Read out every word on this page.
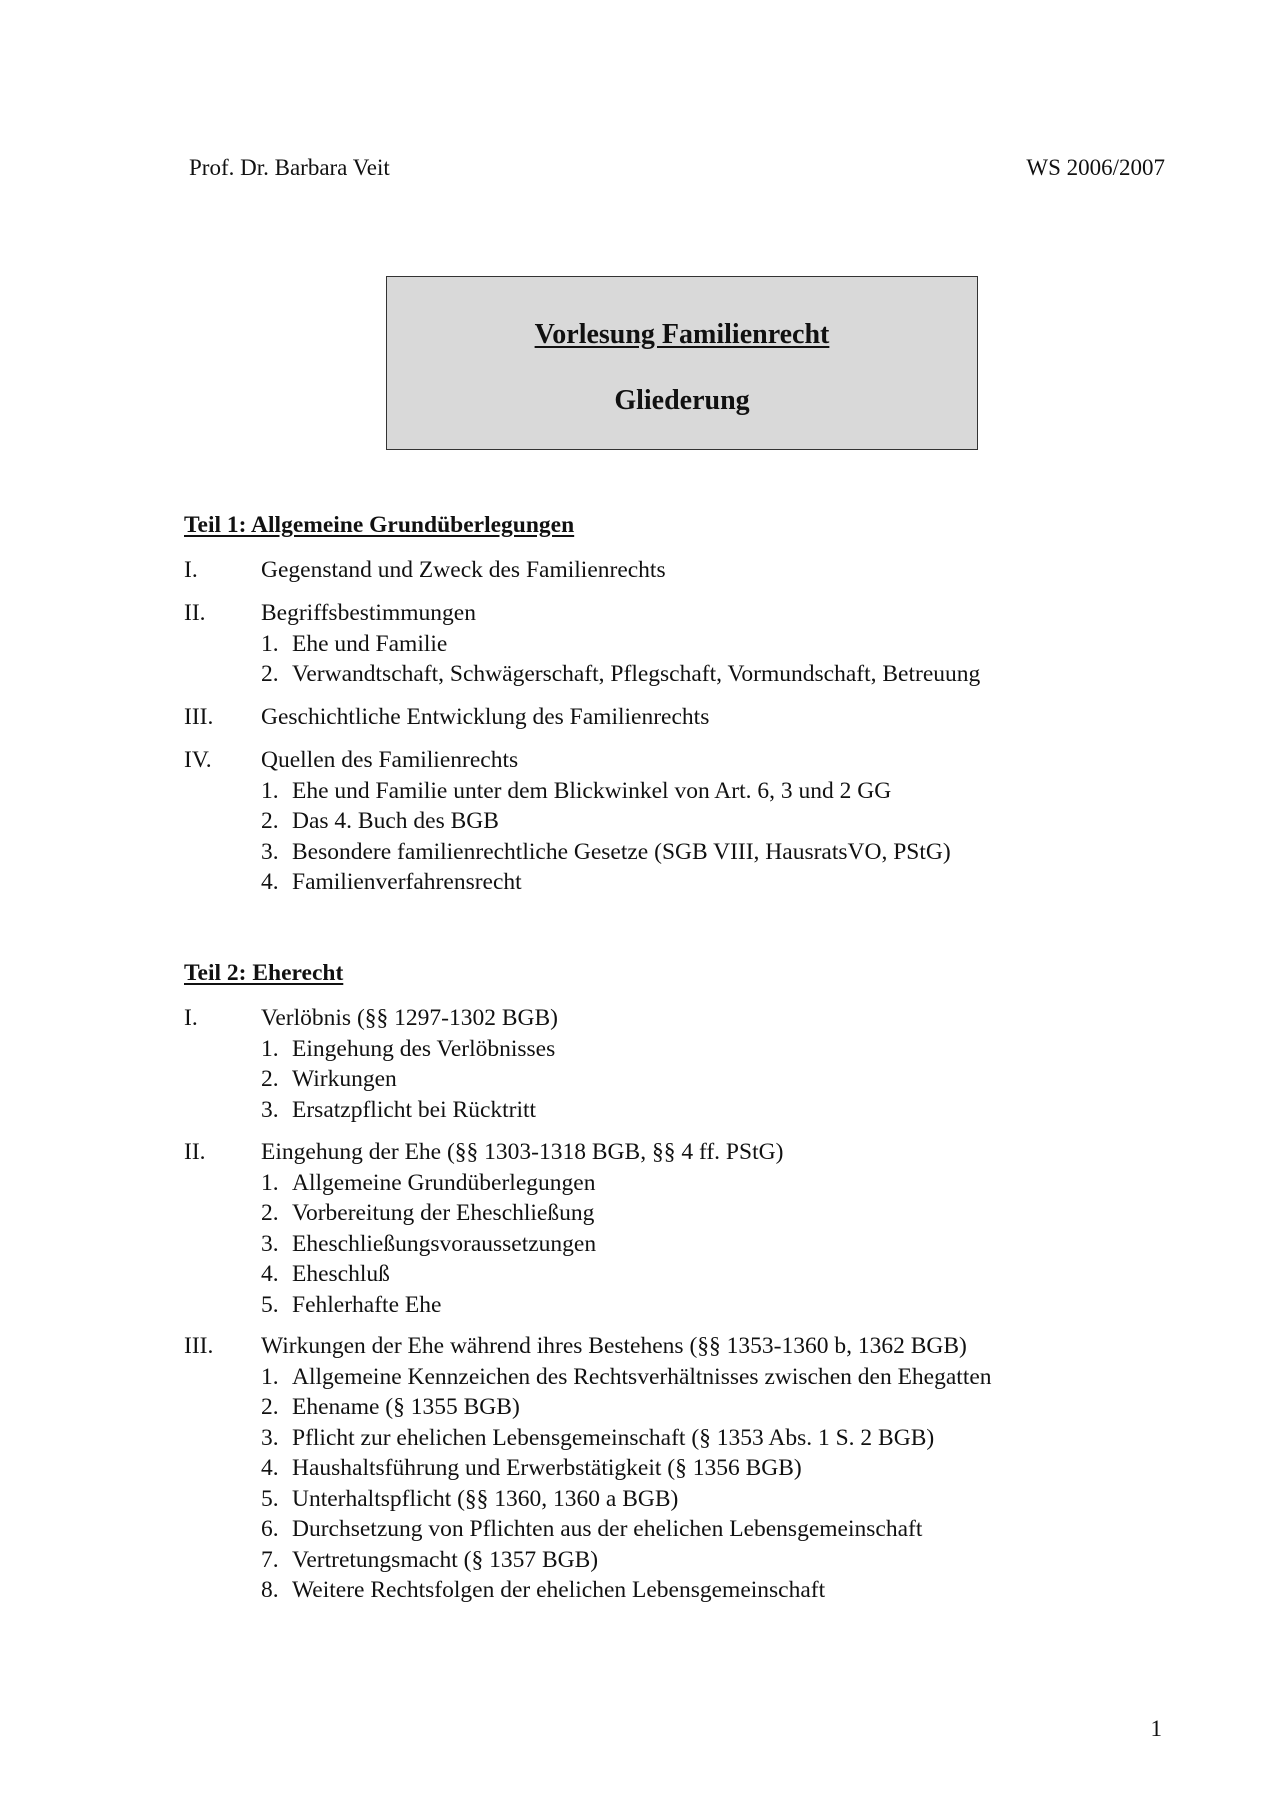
Prof. Dr. Barbara Veit	WS 2006/2007
Vorlesung Familienrecht
Gliederung
Teil 1: Allgemeine Grundüberlegungen
I.	Gegenstand und Zweck des Familienrechts
II. Begriffsbestimmungen
1. Ehe und Familie
2. Verwandtschaft, Schwägerschaft, Pflegschaft, Vormundschaft, Betreuung
III. Geschichtliche Entwicklung des Familienrechts
IV. Quellen des Familienrechts
1. Ehe und Familie unter dem Blickwinkel von Art. 6, 3 und 2 GG
2. Das 4. Buch des BGB
3. Besondere familienrechtliche Gesetze (SGB VIII, HausratsVO, PStG)
4. Familienverfahrensrecht
Teil 2: Eherecht
I.	Verlöbnis (§§ 1297-1302 BGB)
1. Eingehung des Verlöbnisses
2. Wirkungen
3. Ersatzpflicht bei Rücktritt
II. Eingehung der Ehe (§§ 1303-1318 BGB, §§ 4 ff. PStG)
1. Allgemeine Grundüberlegungen
2. Vorbereitung der Eheschließung
3. Eheschließungsvoraussetzungen
4. Eheschluß
5. Fehlerhafte Ehe
III. Wirkungen der Ehe während ihres Bestehens (§§ 1353-1360 b, 1362 BGB)
1. Allgemeine Kennzeichen des Rechtsverhältnisses zwischen den Ehegatten
2. Ehename (§ 1355 BGB)
3. Pflicht zur ehelichen Lebensgemeinschaft (§ 1353 Abs. 1 S. 2 BGB)
4. Haushaltsführung und Erwerbstätigkeit (§ 1356 BGB)
5. Unterhaltspflicht (§§ 1360, 1360 a BGB)
6. Durchsetzung von Pflichten aus der ehelichen Lebensgemeinschaft
7. Vertretungsmacht (§ 1357 BGB)
8. Weitere Rechtsfolgen der ehelichen Lebensgemeinschaft
1
